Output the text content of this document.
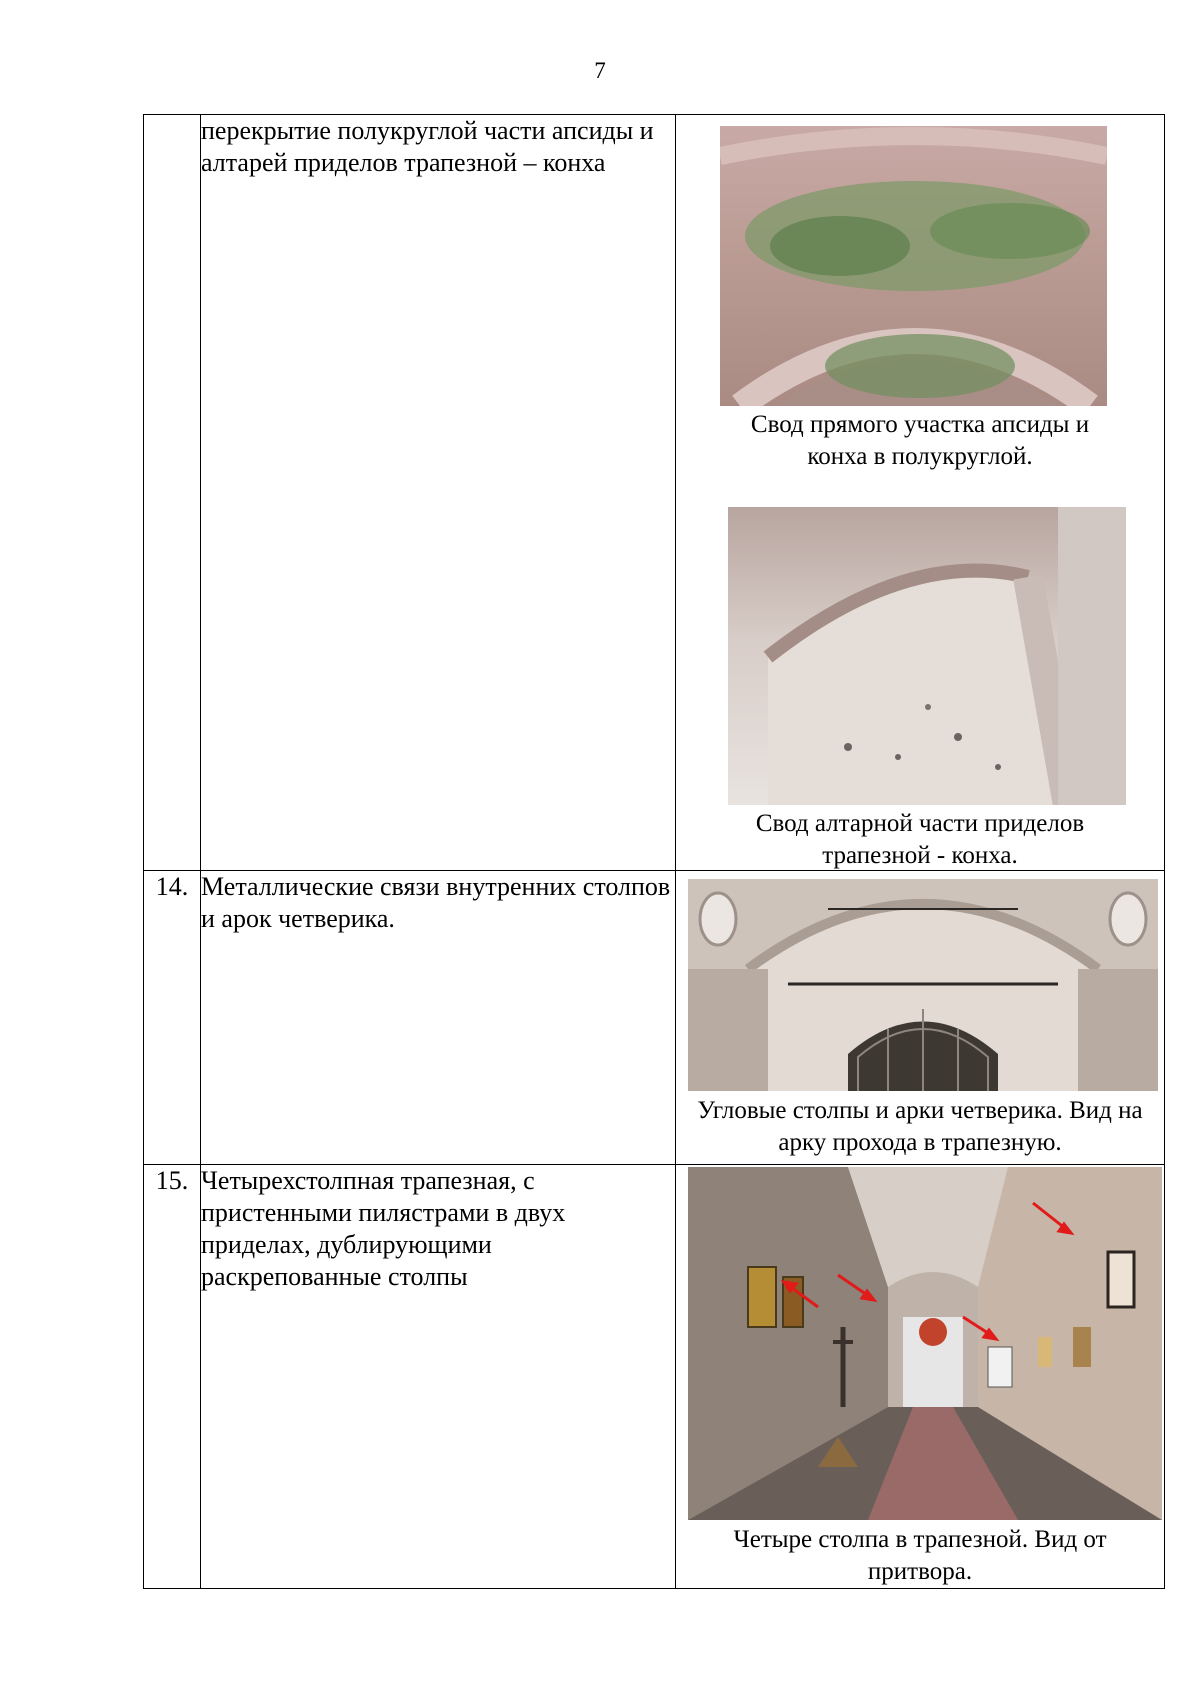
7
	перекрытие полукруглой части апсиды и алтарей приделов трапезной – конха	Свод прямого участка апсиды и конха в полукруглой.
Свод алтарной части приделов трапезной - конха.

14.	Металлические связи внутренних столпов и арок четверика.	Угловые столпы и арки четверика. Вид на арку прохода в трапезную.

15.	Четырехстолпная трапезная, с пристенными пилястрами в двух приделах, дублирующими раскрепованные столпы	Четыре столпа в трапезной. Вид от притвора.
